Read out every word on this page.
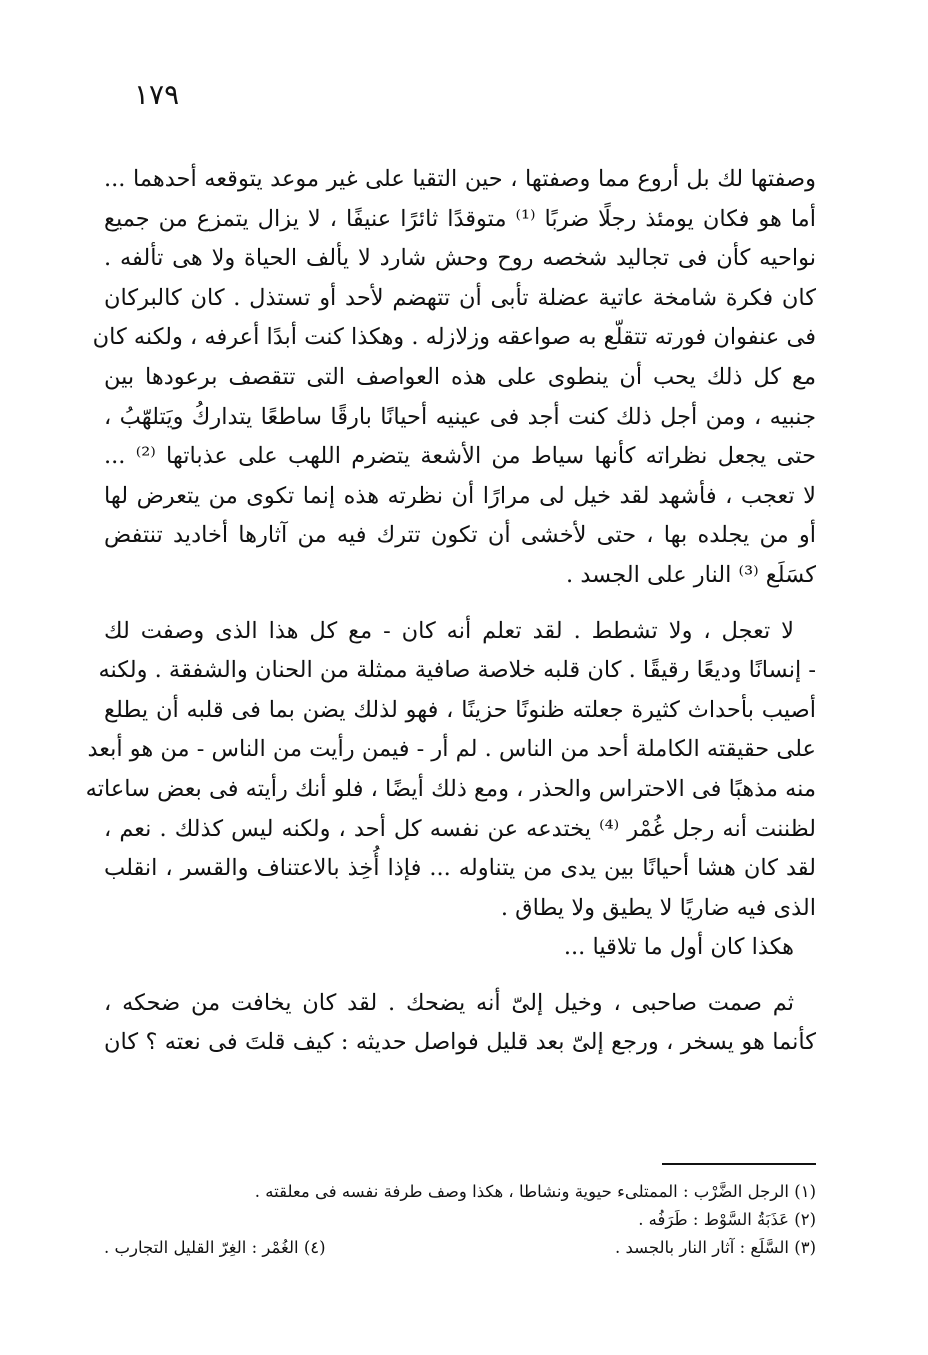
١٧٩
وصفتها لك بل أروع مما وصفتها ، حين التقيا على غير موعد يتوقعه أحدهما ...
أما هو فكان يومئذ رجلًا ضربًا ⁽¹⁾ متوقدًا ثائرًا عنيفًا ، لا يزال يتمزع من جميع
نواحيه كأن فى تجاليد شخصه روح وحش شارد لا يألف الحياة ولا هى تألفه .
كان فكرة شامخة عاتية عضلة تأبى أن تتهضم لأحد أو تستذل . كان كالبركان
فى عنفوان فورته تتقلّع به صواعقه وزلازله . وهكذا كنت أبدًا أعرفه ، ولكنه كان
مع كل ذلك يحب أن ينطوى على هذه العواصف التى تتقصف برعودها بين
جنبيه ، ومن أجل ذلك كنت أجد فى عينيه أحيانًا بارقًا ساطعًا يتداركُ ويَتلهّبُ ،
حتى يجعل نظراته كأنها سياط من الأشعة يتضرم اللهب على عذباتها ⁽²⁾ ...
لا تعجب ، فأشهد لقد خيل لى مرارًا أن نظرته هذه إنما تكوى من يتعرض لها
أو من يجلده بها ، حتى لأخشى أن تكون تترك فيه من آثارها أخاديد تنتفض
كسَلَع ⁽³⁾ النار على الجسد .
لا تعجل ، ولا تشطط . لقد تعلم أنه كان - مع كل هذا الذى وصفت لك
- إنسانًا وديعًا رقيقًا . كان قلبه خلاصة صافية ممثلة من الحنان والشفقة . ولكنه
أصيب بأحداث كثيرة جعلته ظنونًا حزينًا ، فهو لذلك يضن بما فى قلبه أن يطلع
على حقيقته الكاملة أحد من الناس . لم أر - فيمن رأيت من الناس - من هو أبعد
منه مذهبًا فى الاحتراس والحذر ، ومع ذلك أيضًا ، فلو أنك رأيته فى بعض ساعاته
لظننت أنه رجل غُمْر ⁽⁴⁾ يختدعه عن نفسه كل أحد ، ولكنه ليس كذلك . نعم ،
لقد كان هشا أحيانًا بين يدى من يتناوله ... فإذا أُخِذ بالاعتناف والقسر ، انقلب
الذى فيه ضاريًا لا يطيق ولا يطاق .
هكذا كان أول ما تلاقيا ...
ثم صمت صاحبى ، وخيل إلىّ أنه يضحك . لقد كان يخافت من ضحكه ،
كأنما هو يسخر ، ورجع إلىّ بعد قليل فواصل حديثه : كيف قلتَ فى نعته ؟ كان
(١) الرجل الضَّرْب : الممتلىء حيوية ونشاطا ، هكذا وصف طرفة نفسه فى معلقته .
(٢) عَذَبَةُ السَّوْط : طَرَفُه .
(٣) السَّلَع : آثار النار بالجسد .
(٤) الغُمْر : الغِرّ القليل التجارب .
